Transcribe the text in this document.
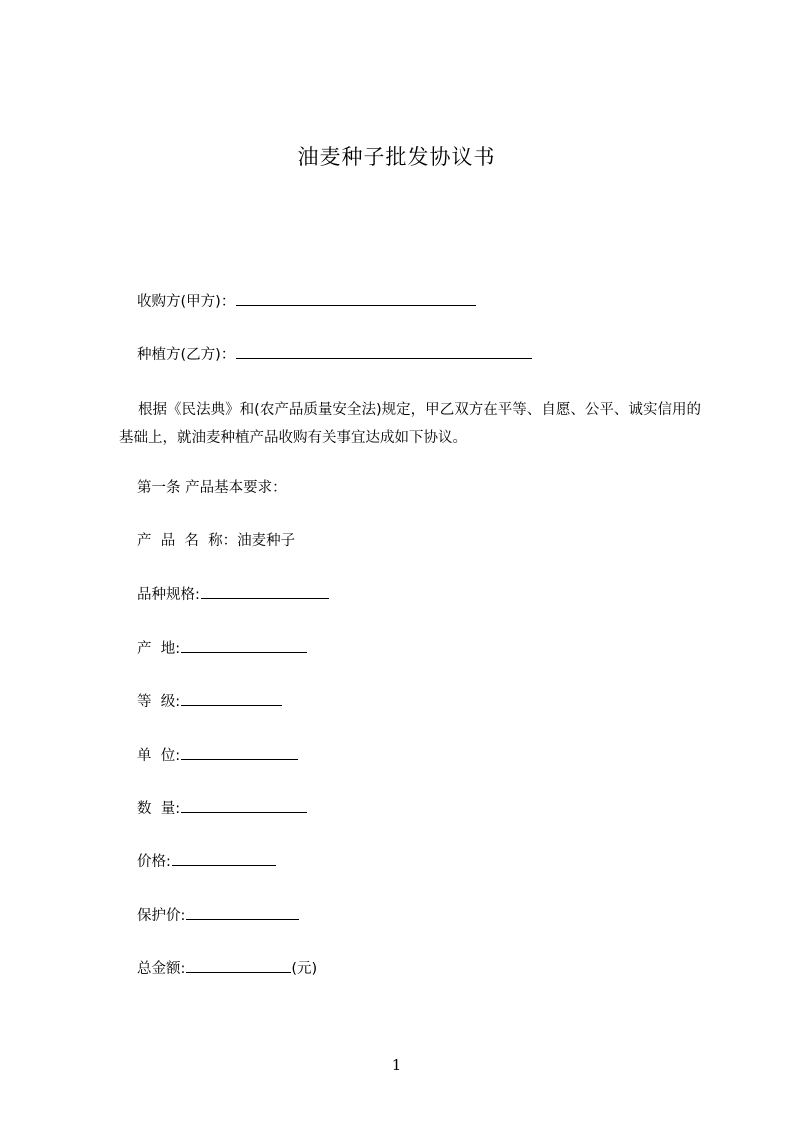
油麦种子批发协议书
收购方(甲方)：
种植方(乙方)：
根据《民法典》和(农产品质量安全法)规定，甲乙双方在平等、自愿、公平、诚实信用的基础上，就油麦种植产品收购有关事宜达成如下协议。
第一条 产品基本要求：
产  品  名  称：油麦种子
品种规格:
产  地:
等  级:
单  位:
数  量:
价格:
保护价:
总金额:	(元)
1
